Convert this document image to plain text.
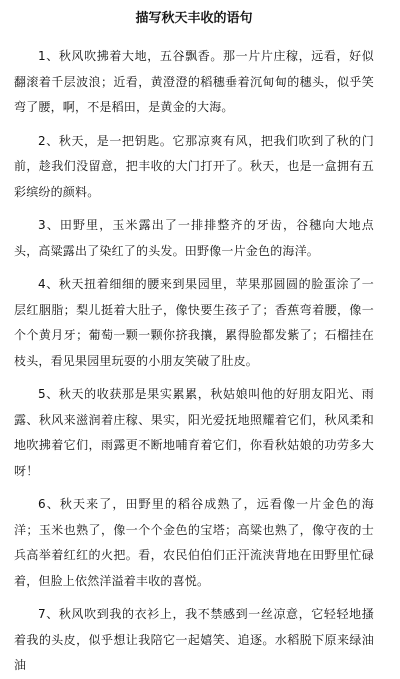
描写秋天丰收的语句

1、秋风吹拂着大地，五谷飘香。那一片片庄稼，远看，好似翻滚着千层波浪；近看，黄澄澄的稻穗垂着沉甸甸的穗头，似乎笑弯了腰，啊，不是稻田，是黄金的大海。

2、秋天，是一把钥匙。它那凉爽有风，把我们吹到了秋的门前，趁我们没留意，把丰收的大门打开了。秋天，也是一盒拥有五彩缤纷的颜料。

3、田野里，玉米露出了一排排整齐的牙齿，谷穗向大地点头，高粱露出了染红了的头发。田野像一片金色的海洋。

4、秋天扭着细细的腰来到果园里，苹果那圆圆的脸蛋涂了一层红胭脂；梨儿挺着大肚子，像快要生孩子了；香蕉弯着腰，像一个个黄月牙；葡萄一颗一颗你挤我攘，累得脸都发紫了；石榴挂在枝头，看见果园里玩耍的小朋友笑破了肚皮。

5、秋天的收获那是果实累累，秋姑娘叫他的好朋友阳光、雨露、秋风来滋润着庄稼、果实，阳光爱抚地照耀着它们，秋风柔和地吹拂着它们，雨露更不断地哺育着它们，你看秋姑娘的功劳多大呀！

6、秋天来了，田野里的稻谷成熟了，远看像一片金色的海洋；玉米也熟了，像一个个金色的宝塔；高粱也熟了，像守夜的士兵高举着红红的火把。看，农民伯伯们正汗流浃背地在田野里忙碌着，但脸上依然洋溢着丰收的喜悦。

7、秋风吹到我的衣衫上，我不禁感到一丝凉意，它轻轻地搔着我的头皮，似乎想让我陪它一起嬉笑、追逐。水稻脱下原来绿油油
